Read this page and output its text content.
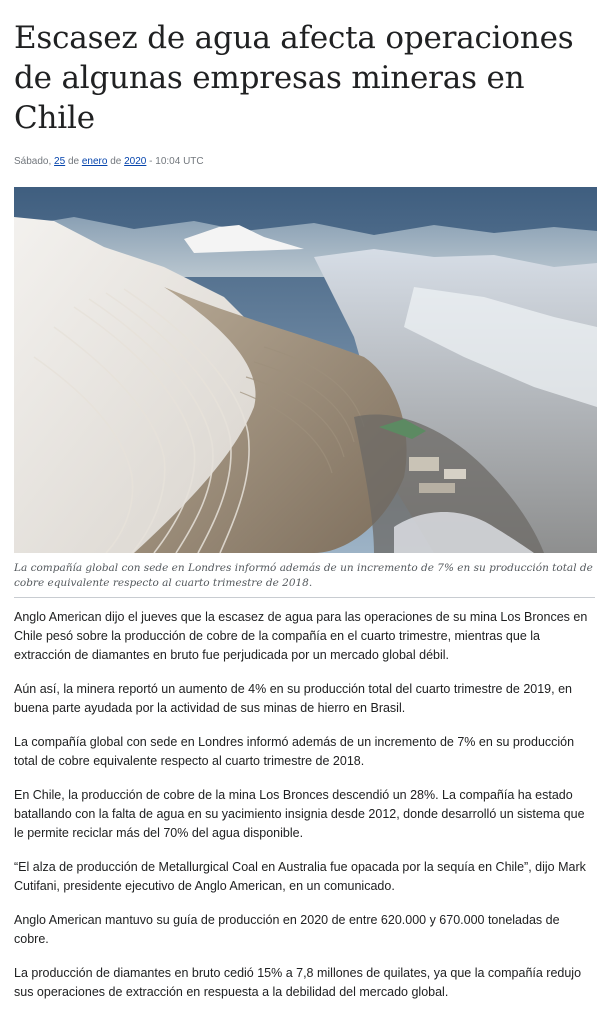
Escasez de agua afecta operaciones de algunas empresas mineras en Chile
Sábado, 25 de enero de 2020 - 10:04 UTC
La compañía global con sede en Londres informó además de un incremento de 7% en su producción total de cobre equivalente respecto al cuarto trimestre de 2018.

Anglo American dijo el jueves que la escasez de agua para las operaciones de su mina Los Bronces en Chile pesó sobre la producción de cobre de la compañía en el cuarto trimestre, mientras que la extracción de diamantes en bruto fue perjudicada por un mercado global débil.

Aún así, la minera reportó un aumento de 4% en su producción total del cuarto trimestre de 2019, en buena parte ayudada por la actividad de sus minas de hierro en Brasil.

La compañía global con sede en Londres informó además de un incremento de 7% en su producción total de cobre equivalente respecto al cuarto trimestre de 2018.

En Chile, la producción de cobre de la mina Los Bronces descendió un 28%. La compañía ha estado batallando con la falta de agua en su yacimiento insignia desde 2012, donde desarrolló un sistema que le permite reciclar más del 70% del agua disponible.

“El alza de producción de Metallurgical Coal en Australia fue opacada por la sequía en Chile”, dijo Mark Cutifani, presidente ejecutivo de Anglo American, en un comunicado.

Anglo American mantuvo su guía de producción en 2020 de entre 620.000 y 670.000 toneladas de cobre.

La producción de diamantes en bruto cedió 15% a 7,8 millones de quilates, ya que la compañía redujo sus operaciones de extracción en respuesta a la debilidad del mercado global.
